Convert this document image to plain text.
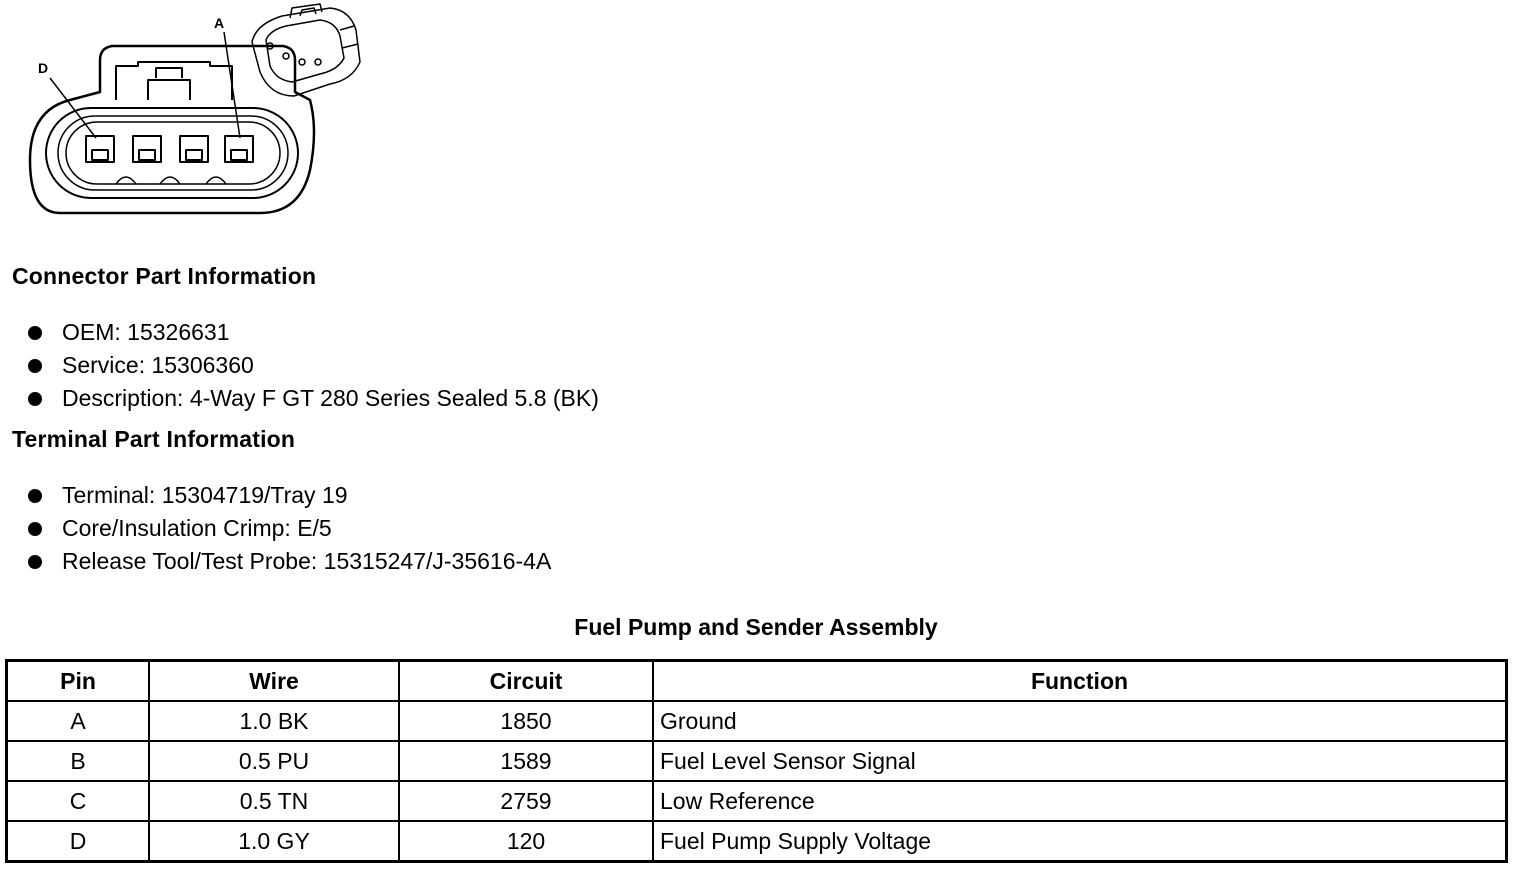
A
D
Connector Part Information
OEM: 15326631
Service: 15306360
Description: 4-Way F GT 280 Series Sealed 5.8 (BK)
Terminal Part Information
Terminal: 15304719/Tray 19
Core/Insulation Crimp: E/5
Release Tool/Test Probe: 15315247/J-35616-4A
Fuel Pump and Sender Assembly
Pin	Wire	Circuit	Function
A	1.0 BK	1850	Ground
B	0.5 PU	1589	Fuel Level Sensor Signal
C	0.5 TN	2759	Low Reference
D	1.0 GY	120	Fuel Pump Supply Voltage
